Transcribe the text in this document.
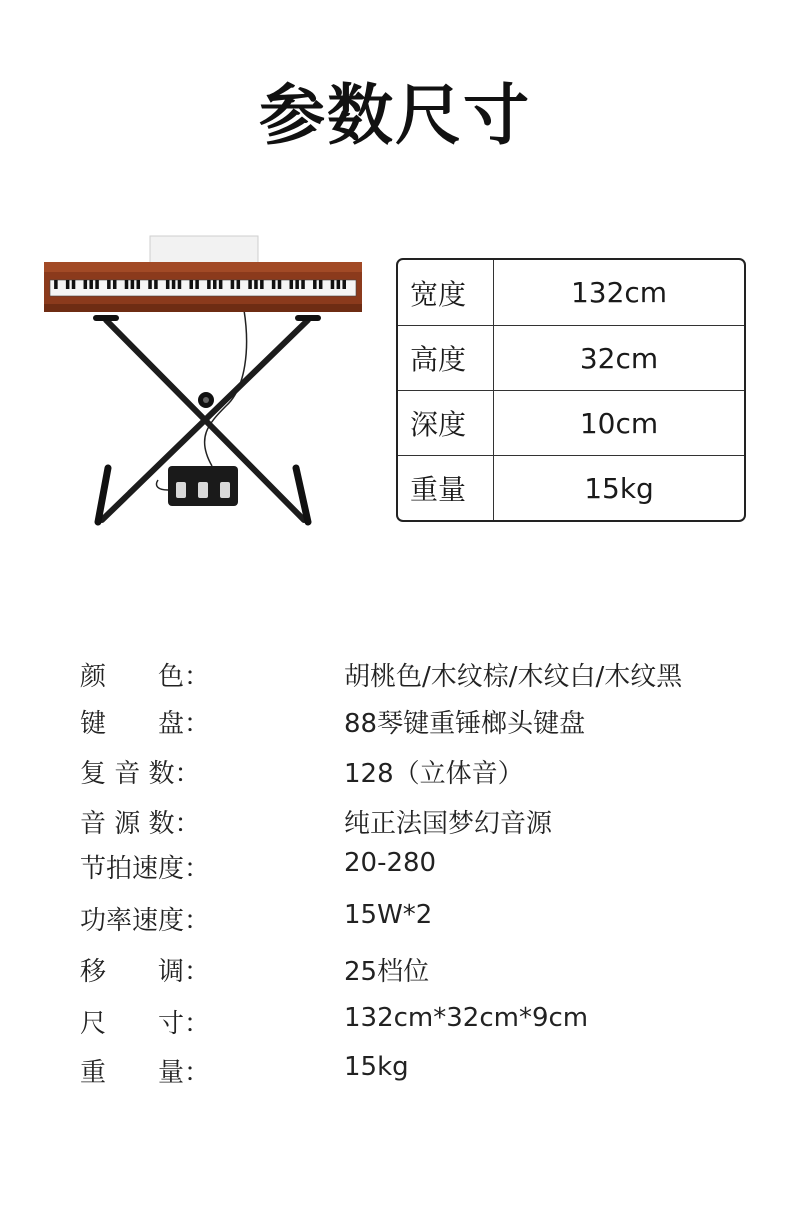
参数尺寸
宽度	132cm
高度	32cm
深度	10cm
重量	15kg
颜　　色：	胡桃色/木纹棕/木纹白/木纹黑
键　　盘：	88琴键重锤榔头键盘
复 音 数：	128（立体音）
音 源 数：	纯正法国梦幻音源
节拍速度：	20-280
功率速度：	15W*2
移　　调：	25档位
尺　　寸：	132cm*32cm*9cm
重　　量：	15kg
